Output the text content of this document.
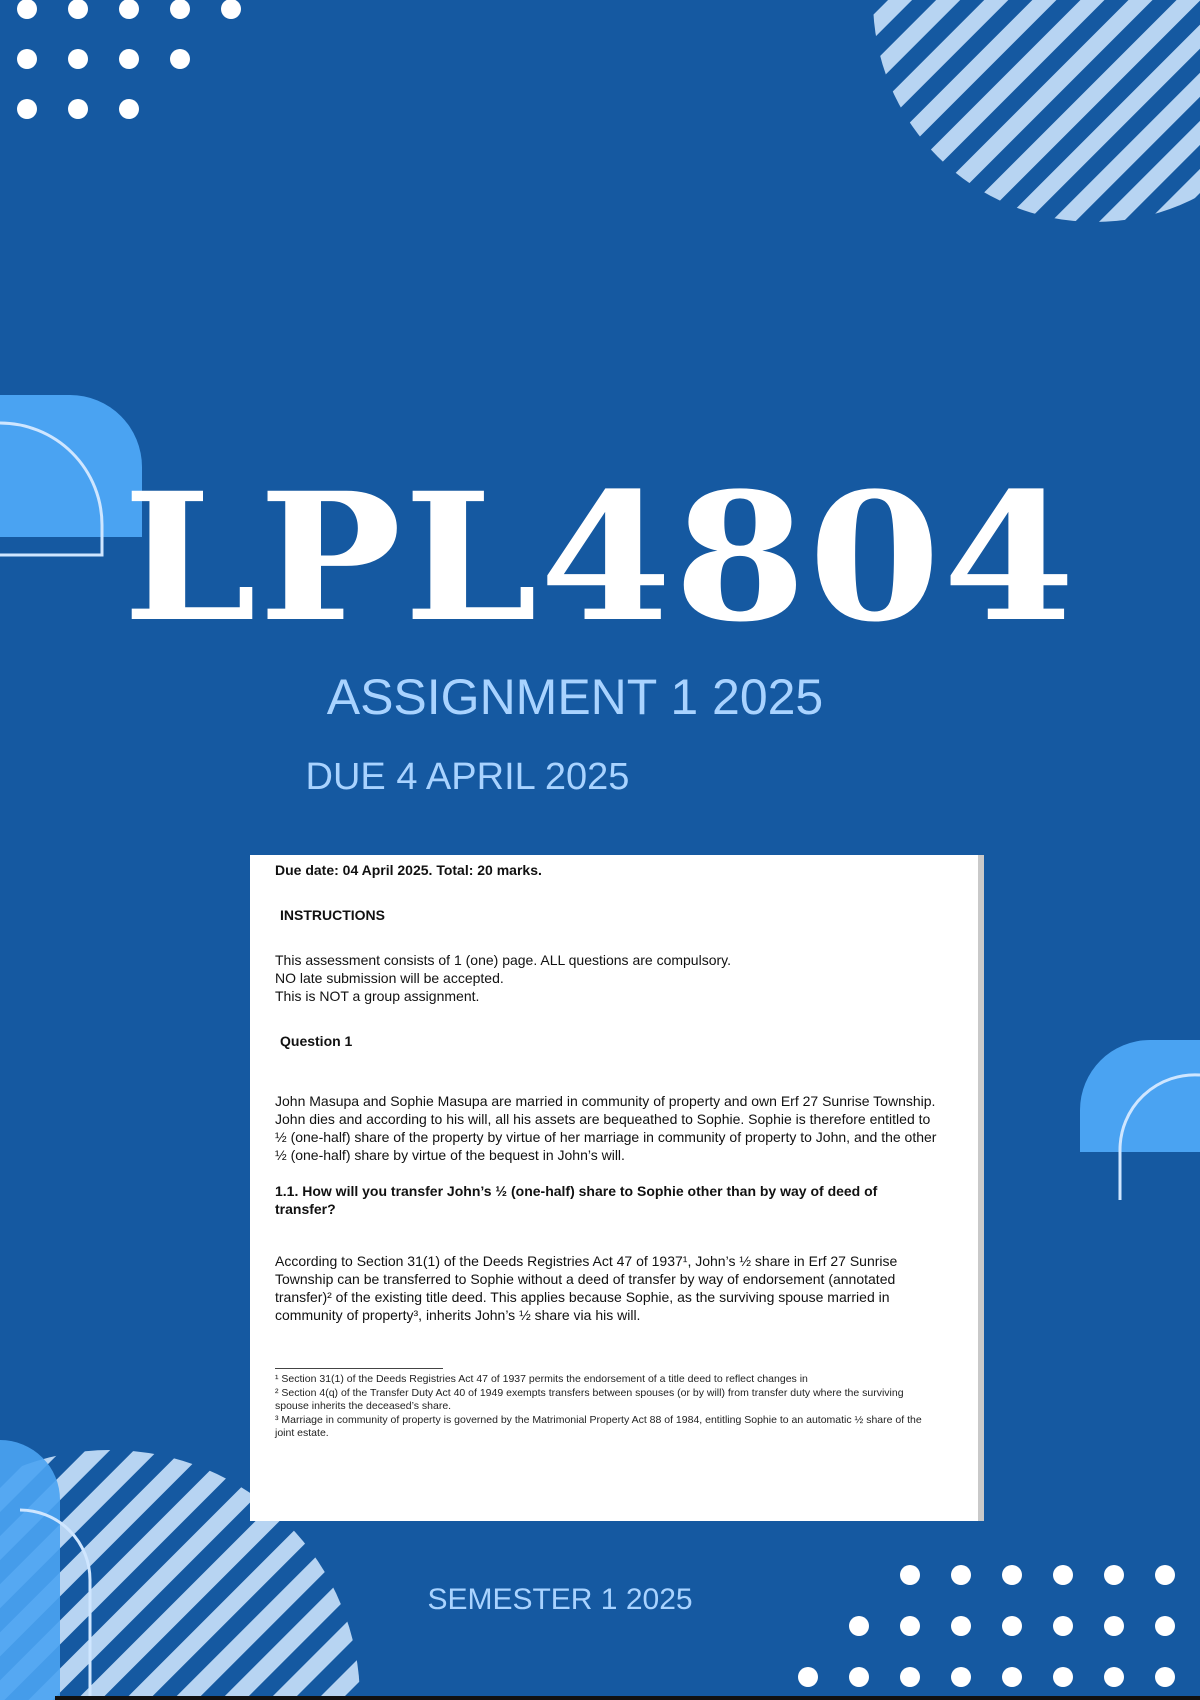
LPL4804
ASSIGNMENT 1 2025
DUE 4 APRIL 2025

Due date: 04 April 2025. Total: 20 marks.

INSTRUCTIONS

This assessment consists of 1 (one) page. ALL questions are compulsory.

NO late submission will be accepted.

This is NOT a group assignment.

Question 1

John Masupa and Sophie Masupa are married in community of property and own Erf 27 Sunrise Township. John dies and according to his will, all his assets are bequeathed to Sophie. Sophie is therefore entitled to ½ (one-half) share of the property by virtue of her marriage in community of property to John, and the other ½ (one-half) share by virtue of the bequest in John’s will.

1.1. How will you transfer John’s ½ (one-half) share to Sophie other than by way of deed of transfer?

According to Section 31(1) of the Deeds Registries Act 47 of 1937¹, John’s ½ share in Erf 27 Sunrise Township can be transferred to Sophie without a deed of transfer by way of endorsement (annotated transfer)² of the existing title deed. This applies because Sophie, as the surviving spouse married in community of property³, inherits John’s ½ share via his will.

¹ Section 31(1) of the Deeds Registries Act 47 of 1937 permits the endorsement of a title deed to reflect changes in

² Section 4(q) of the Transfer Duty Act 40 of 1949 exempts transfers between spouses (or by will) from transfer duty where the surviving spouse inherits the deceased’s share.

³ Marriage in community of property is governed by the Matrimonial Property Act 88 of 1984, entitling Sophie to an automatic ½ share of the joint estate.

SEMESTER 1 2025
